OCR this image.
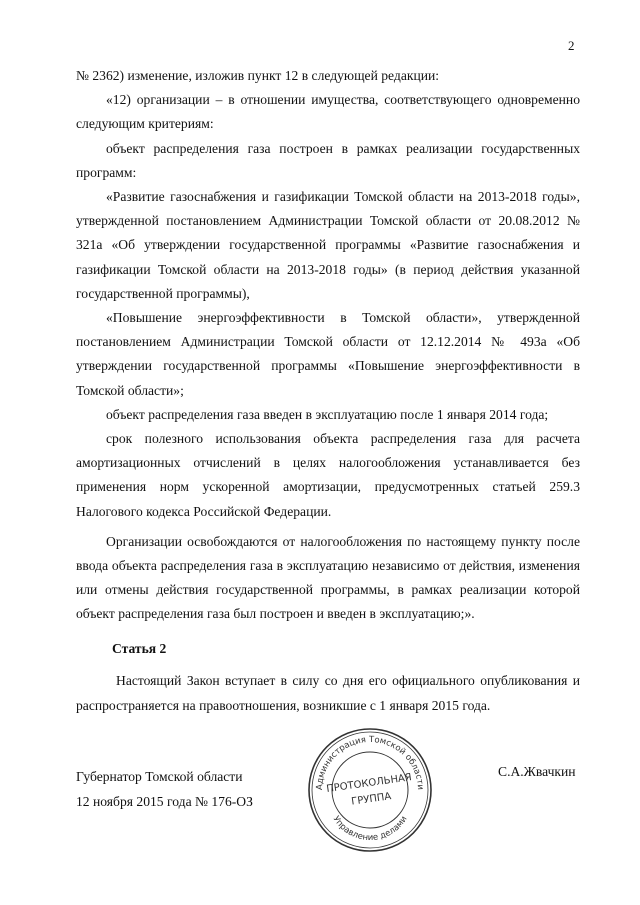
2

№ 2362) изменение, изложив пункт 12 в следующей редакции:

«12) организации – в отношении имущества, соответствующего одновременно следующим критериям:

объект распределения газа построен в рамках реализации государственных программ:

«Развитие газоснабжения и газификации Томской области на 2013-2018 годы», утвержденной постановлением Администрации Томской области от 20.08.2012 № 321а «Об утверждении государственной программы «Развитие газоснабжения и газификации Томской области на 2013-2018 годы» (в период действия указанной государственной программы),

«Повышение энергоэффективности в Томской области», утвержденной постановлением Администрации Томской области от 12.12.2014 № 493а «Об утверждении государственной программы «Повышение энергоэффективности в Томской области»;

объект распределения газа введен в эксплуатацию после 1 января 2014 года;

срок полезного использования объекта распределения газа для расчета амортизационных отчислений в целях налогообложения устанавливается без применения норм ускоренной амортизации, предусмотренных статьей 259.3 Налогового кодекса Российской Федерации.

Организации освобождаются от налогообложения по настоящему пункту после ввода объекта распределения газа в эксплуатацию независимо от действия, изменения или отмены действия государственной программы, в рамках реализации которой объект распределения газа был построен и введен в эксплуатацию;».

Статья 2

Настоящий Закон вступает в силу со дня его официального опубликования и распространяется на правоотношения, возникшие с 1 января 2015 года.

Губернатор Томской области
12 ноября 2015 года № 176-ОЗ
С.А.Жвачкин
Администрация Томской области
Управление делами
ПРОТОКОЛЬНАЯ
ГРУППА
